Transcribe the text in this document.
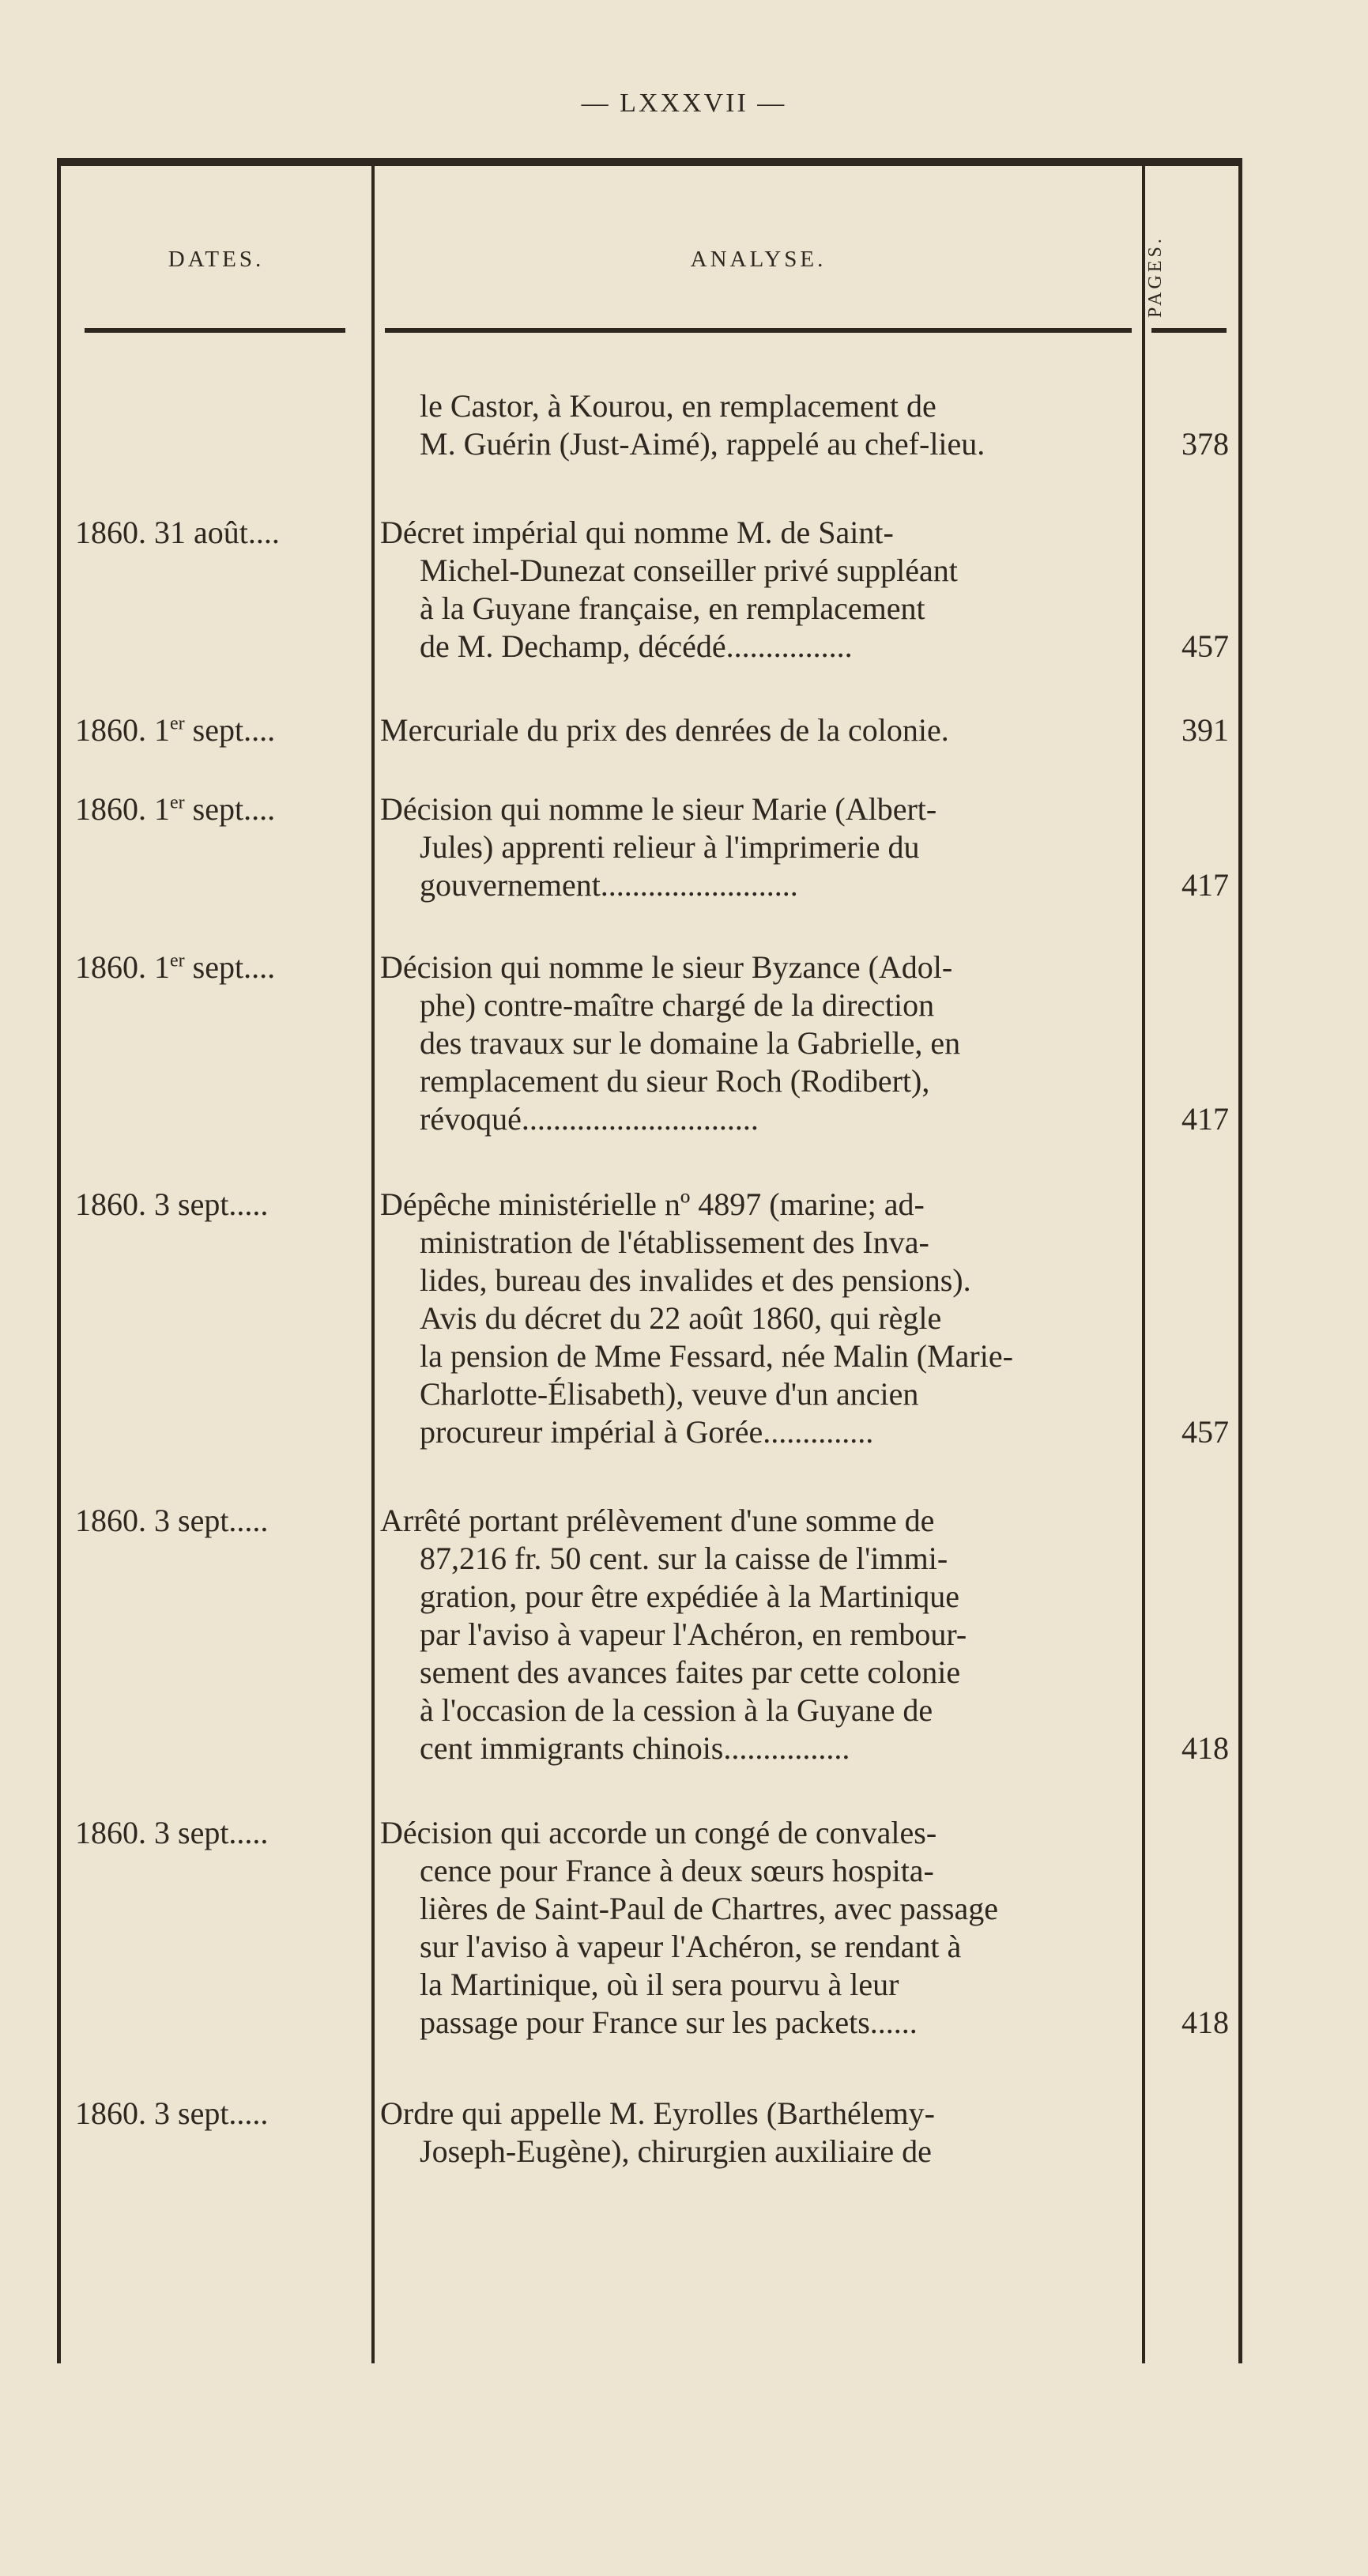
— LXXXVII —
DATES.	ANALYSE.	PAGES.
le Castor, à Kourou, en remplacement de
M. Guérin (Just-Aimé), rappelé au chef-lieu.	378
1860. 31 août....	Décret impérial qui nomme M. de Saint-
Michel-Dunezat conseiller privé suppléant
à la Guyane française, en remplacement
de M. Dechamp, décédé................	457
1860. 1er sept....	Mercuriale du prix des denrées de la colonie.	391
1860. 1er sept....	Décision qui nomme le sieur Marie (Albert-
Jules) apprenti relieur à l'imprimerie du
gouvernement.........................	417
1860. 1er sept....	Décision qui nomme le sieur Byzance (Adol-
phe) contre-maître chargé de la direction
des travaux sur le domaine la Gabrielle, en
remplacement du sieur Roch (Rodibert),
révoqué..............................	417
1860. 3 sept.....	Dépêche ministérielle nº 4897 (marine; ad-
ministration de l'établissement des Inva-
lides, bureau des invalides et des pensions).
Avis du décret du 22 août 1860, qui règle
la pension de Mme Fessard, née Malin (Marie-
Charlotte-Élisabeth), veuve d'un ancien
procureur impérial à Gorée..............	457
1860. 3 sept.....	Arrêté portant prélèvement d'une somme de
87,216 fr. 50 cent. sur la caisse de l'immi-
gration, pour être expédiée à la Martinique
par l'aviso à vapeur l'Achéron, en rembour-
sement des avances faites par cette colonie
à l'occasion de la cession à la Guyane de
cent immigrants chinois................	418
1860. 3 sept.....	Décision qui accorde un congé de convales-
cence pour France à deux sœurs hospita-
lières de Saint-Paul de Chartres, avec passage
sur l'aviso à vapeur l'Achéron, se rendant à
la Martinique, où il sera pourvu à leur
passage pour France sur les packets......	418
1860. 3 sept.....	Ordre qui appelle M. Eyrolles (Barthélemy-
Joseph-Eugène), chirurgien auxiliaire de
